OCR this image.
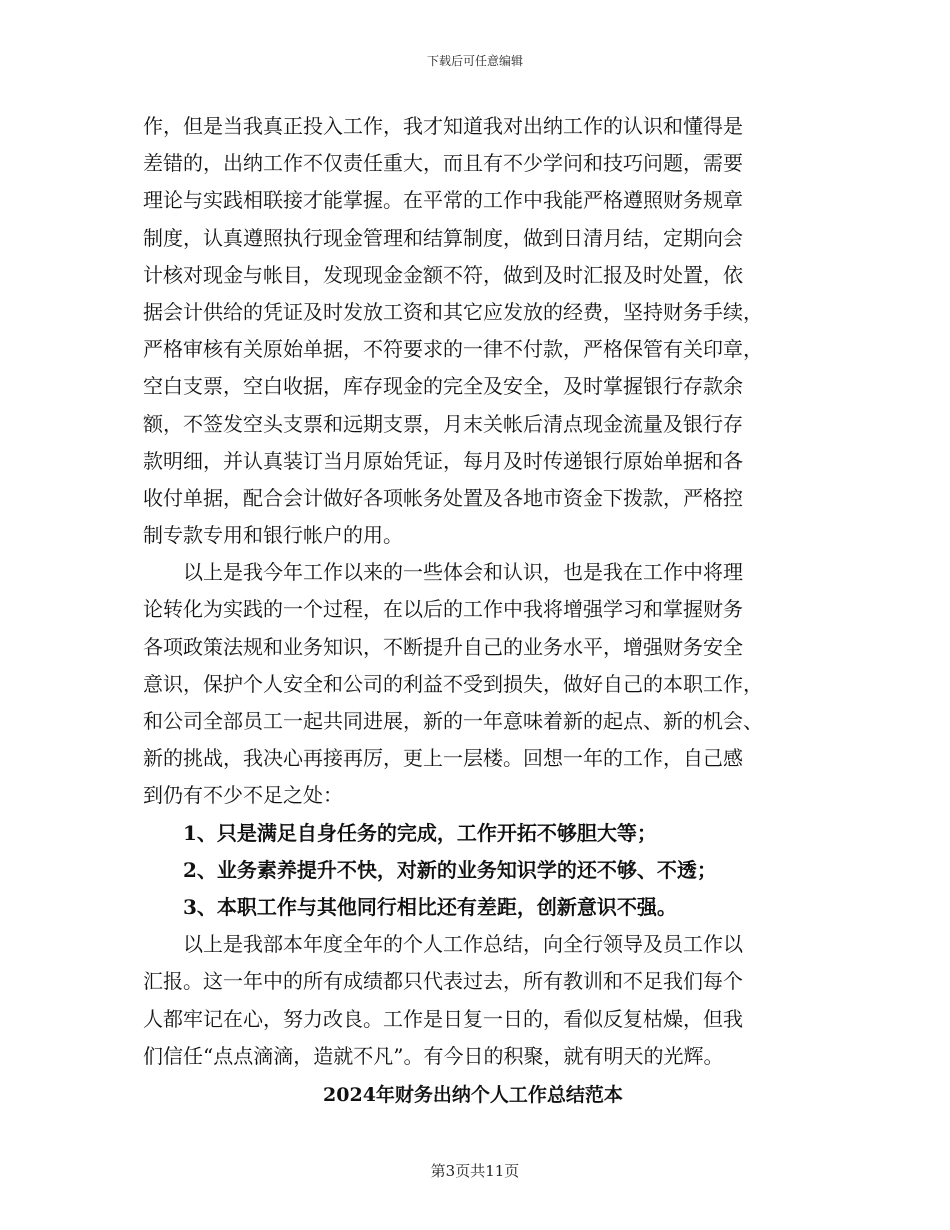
下载后可任意编辑
作，但是当我真正投入工作，我才知道我对出纳工作的认识和懂得是
差错的，出纳工作不仅责任重大，而且有不少学问和技巧问题，需要
理论与实践相联接才能掌握。在平常的工作中我能严格遵照财务规章
制度，认真遵照执行现金管理和结算制度，做到日清月结，定期向会
计核对现金与帐目，发现现金金额不符，做到及时汇报及时处置，依
据会计供给的凭证及时发放工资和其它应发放的经费，坚持财务手续，
严格审核有关原始单据，不符要求的一律不付款，严格保管有关印章，
空白支票，空白收据，库存现金的完全及安全，及时掌握银行存款余
额，不签发空头支票和远期支票，月末关帐后清点现金流量及银行存
款明细，并认真装订当月原始凭证，每月及时传递银行原始单据和各
收付单据，配合会计做好各项帐务处置及各地市资金下拨款，严格控
制专款专用和银行帐户的用。
以上是我今年工作以来的一些体会和认识，也是我在工作中将理
论转化为实践的一个过程，在以后的工作中我将增强学习和掌握财务
各项政策法规和业务知识，不断提升自己的业务水平，增强财务安全
意识，保护个人安全和公司的利益不受到损失，做好自己的本职工作，
和公司全部员工一起共同进展，新的一年意味着新的起点、新的机会、
新的挑战，我决心再接再厉，更上一层楼。回想一年的工作，自己感
到仍有不少不足之处：
1、只是满足自身任务的完成，工作开拓不够胆大等；
2、业务素养提升不快，对新的业务知识学的还不够、不透；
3、本职工作与其他同行相比还有差距，创新意识不强。
以上是我部本年度全年的个人工作总结，向全行领导及员工作以
汇报。这一年中的所有成绩都只代表过去，所有教训和不足我们每个
人都牢记在心，努力改良。工作是日复一日的，看似反复枯燥，但我
们信任“点点滴滴，造就不凡”。有今日的积聚，就有明天的光辉。
2024年财务出纳个人工作总结范本
第3页共11页
